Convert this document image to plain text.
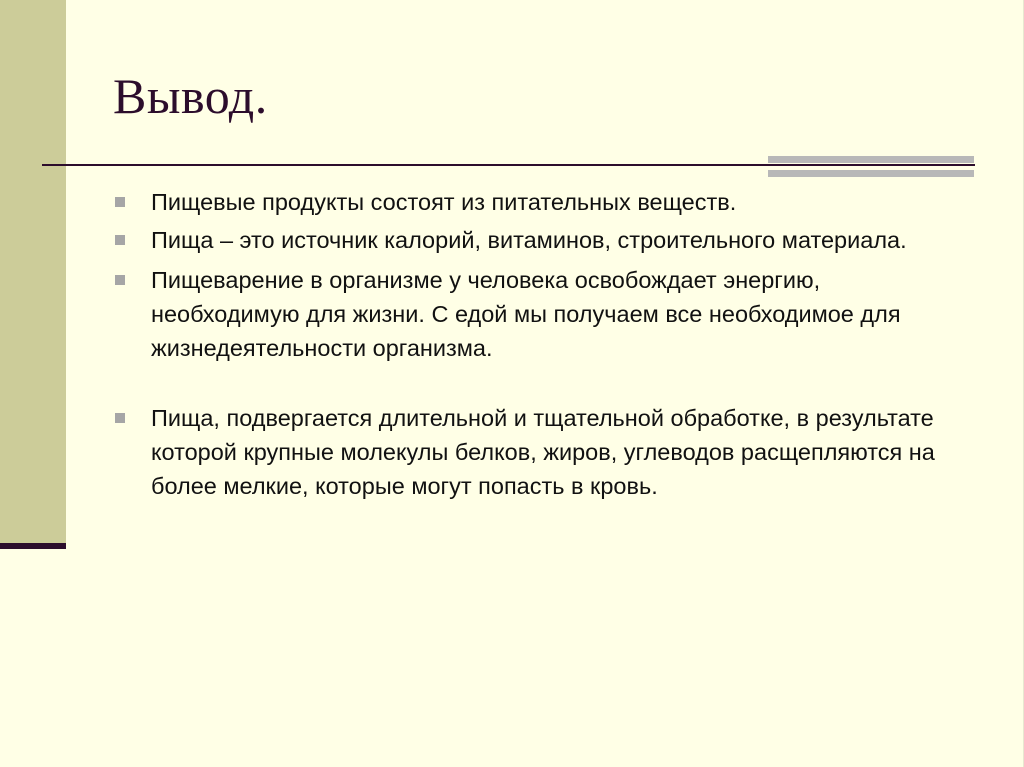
Вывод.
Пищевые продукты состоят из питательных веществ.
Пища – это источник калорий, витаминов, строительного материала.
Пищеварение в организме у человека освобождает энергию, необходимую для жизни. С едой мы получаем все необходимое для жизнедеятельности организма.
Пища, подвергается длительной и тщательной обработке, в результате которой крупные молекулы белков, жиров, углеводов расщепляются на более мелкие, которые могут попасть в кровь.
